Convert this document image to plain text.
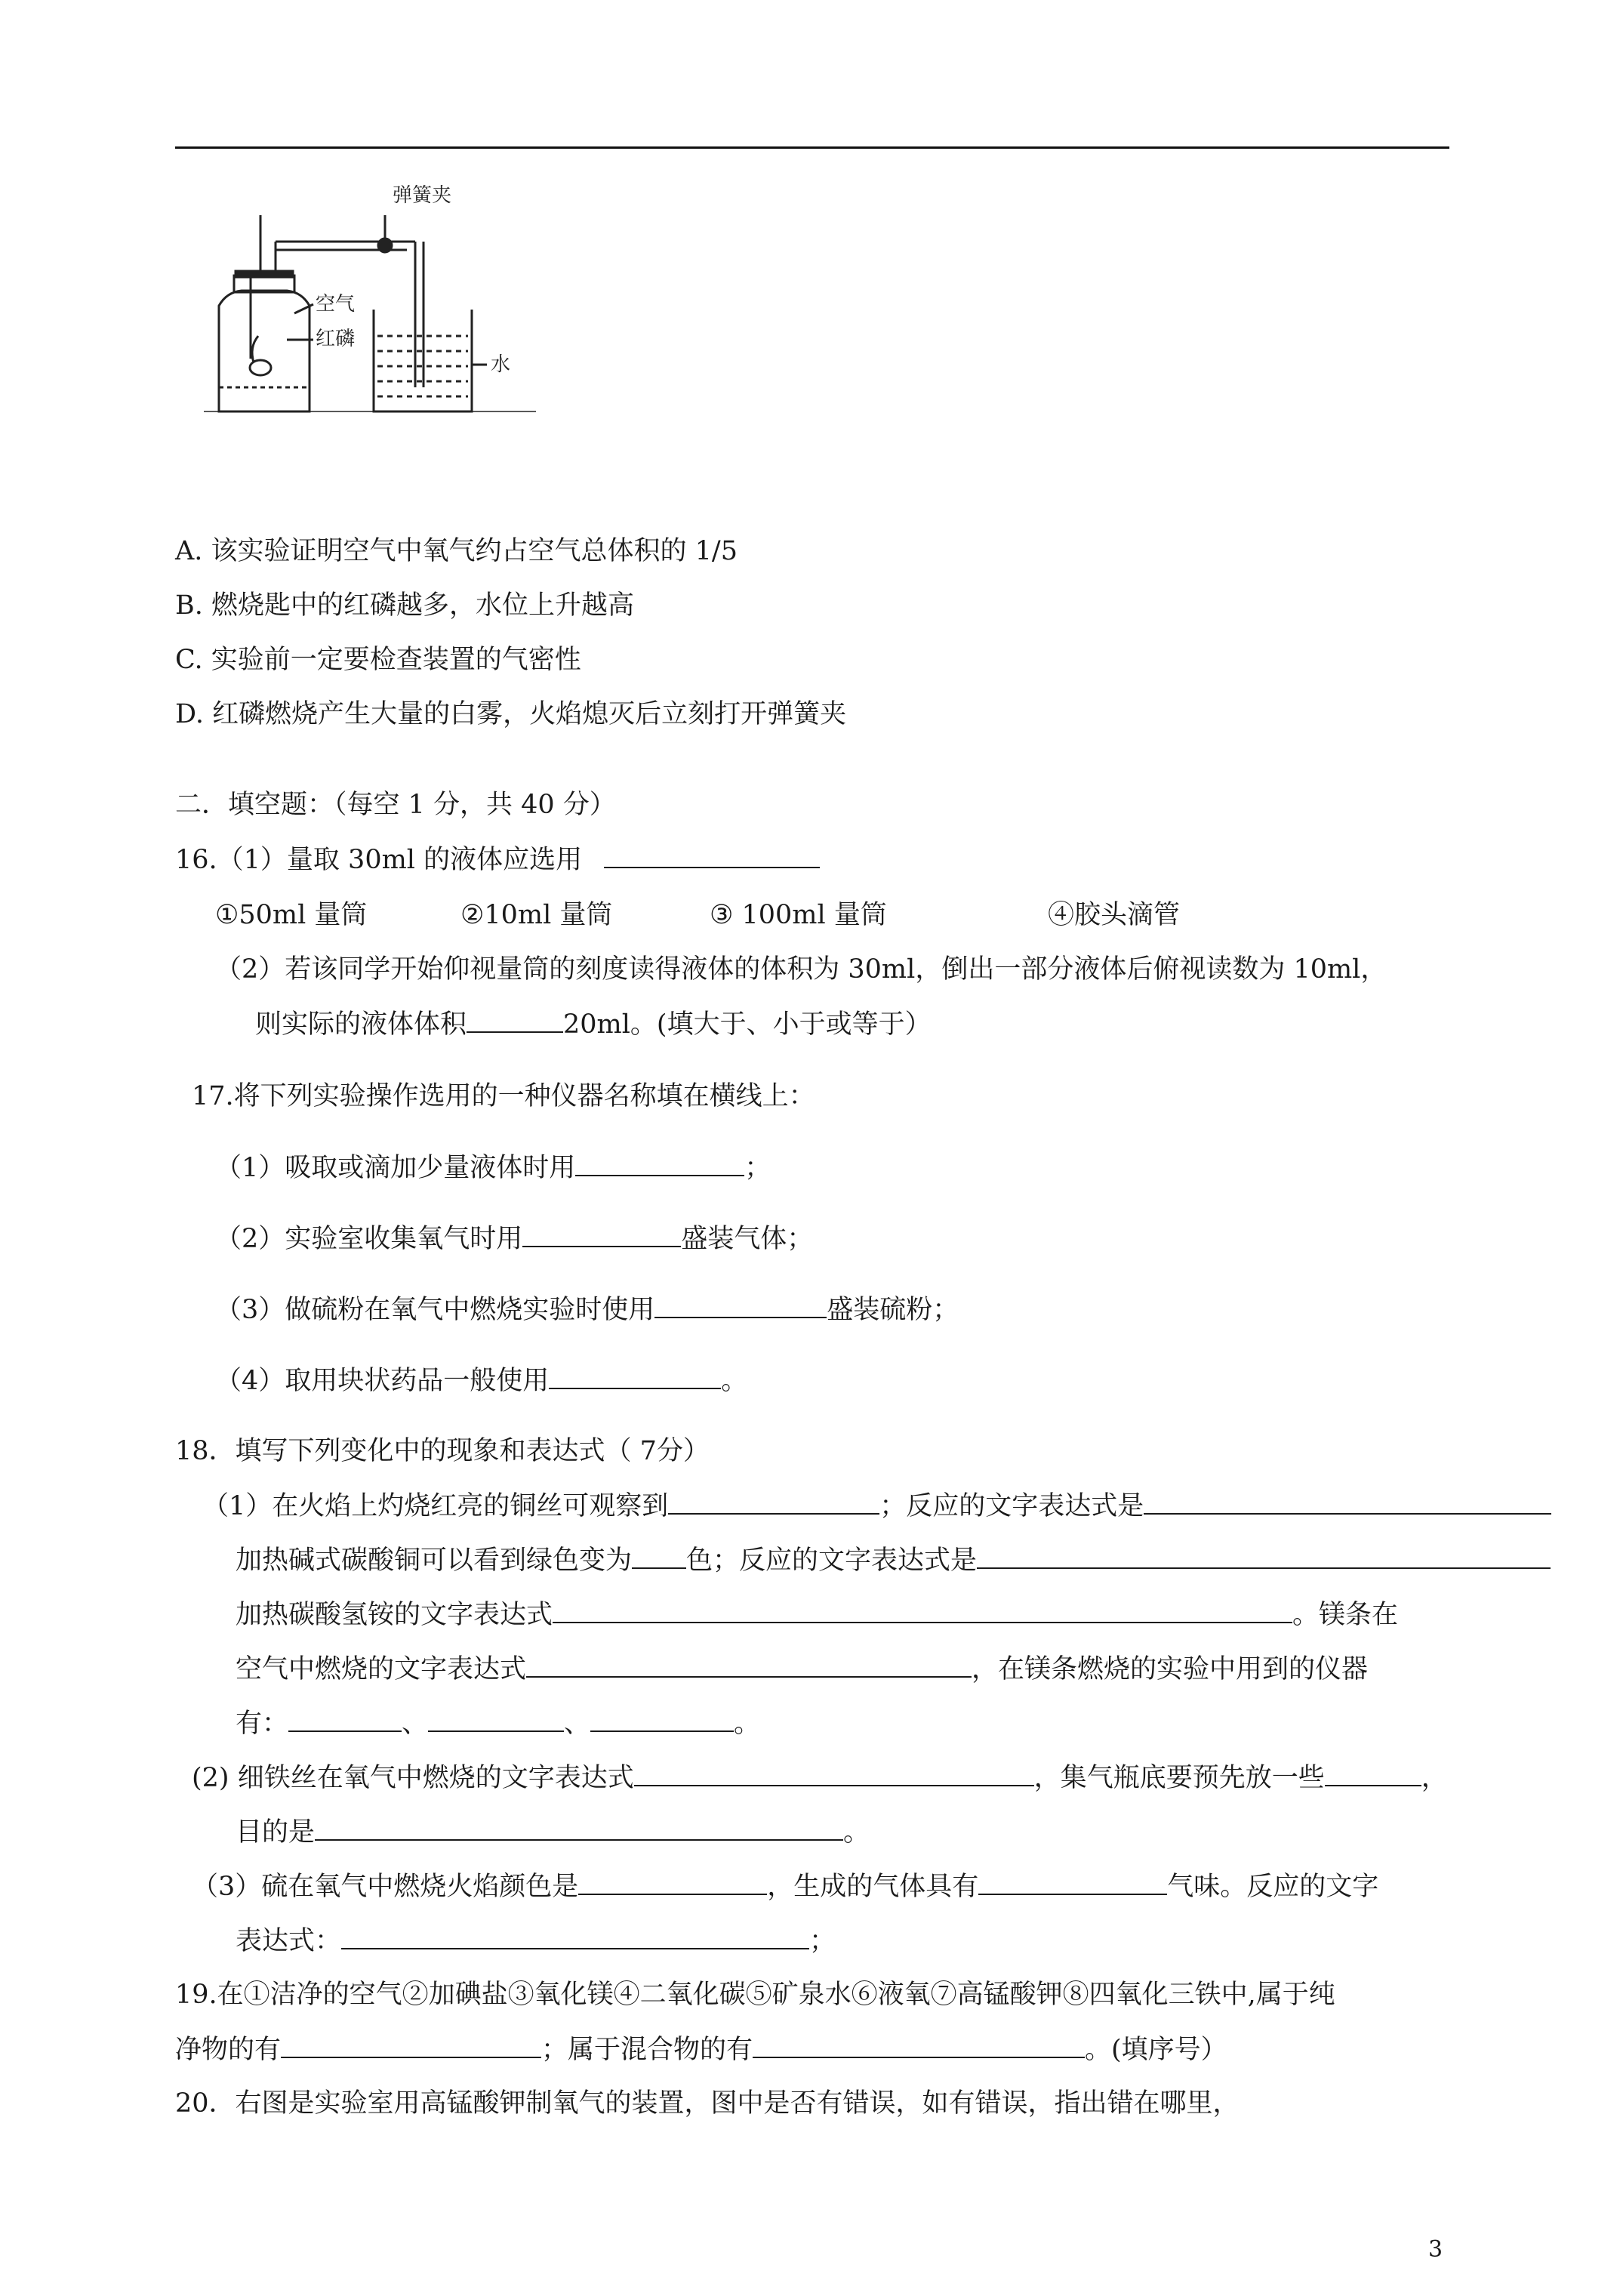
弹簧夹
空气
红磷
水
A. 该实验证明空气中氧气约占空气总体积的 1/5
B. 燃烧匙中的红磷越多，水位上升越高
C. 实验前一定要检查装置的气密性
D. 红磷燃烧产生大量的白雾，火焰熄灭后立刻打开弹簧夹
二．填空题：（每空 1 分，共 40 分）
16.（1）量取 30ml 的液体应选用
①50ml 量筒	②10ml 量筒	③ 100ml 量筒	④胶头滴管
（2）若该同学开始仰视量筒的刻度读得液体的体积为 30ml，倒出一部分液体后俯视读数为 10ml，
则实际的液体体积	20ml。(填大于、小于或等于）
17.将下列实验操作选用的一种仪器名称填在横线上：
（1）吸取或滴加少量液体时用	；
（2）实验室收集氧气时用	盛装气体；
（3）做硫粉在氧气中燃烧实验时使用	盛装硫粉；
（4）取用块状药品一般使用	。
18．填写下列变化中的现象和表达式（ 7分）
（1）在火焰上灼烧红亮的铜丝可观察到	；反应的文字表达式是
加热碱式碳酸铜可以看到绿色变为 色；反应的文字表达式是
加热碳酸氢铵的文字表达式	。镁条在
空气中燃烧的文字表达式	，在镁条燃烧的实验中用到的仪器
有：	、	、	。
(2) 细铁丝在氧气中燃烧的文字表达式	，集气瓶底要预先放一些	，
目的是	。
（3）硫在氧气中燃烧火焰颜色是	，生成的气体具有	气味。反应的文字
表达式：	；
19.在①洁净的空气②加碘盐③氧化镁④二氧化碳⑤矿泉水⑥液氧⑦高锰酸钾⑧四氧化三铁中,属于纯
净物的有	；属于混合物的有	。(填序号）
20．右图是实验室用高锰酸钾制氧气的装置，图中是否有错误，如有错误，指出错在哪里，
3
